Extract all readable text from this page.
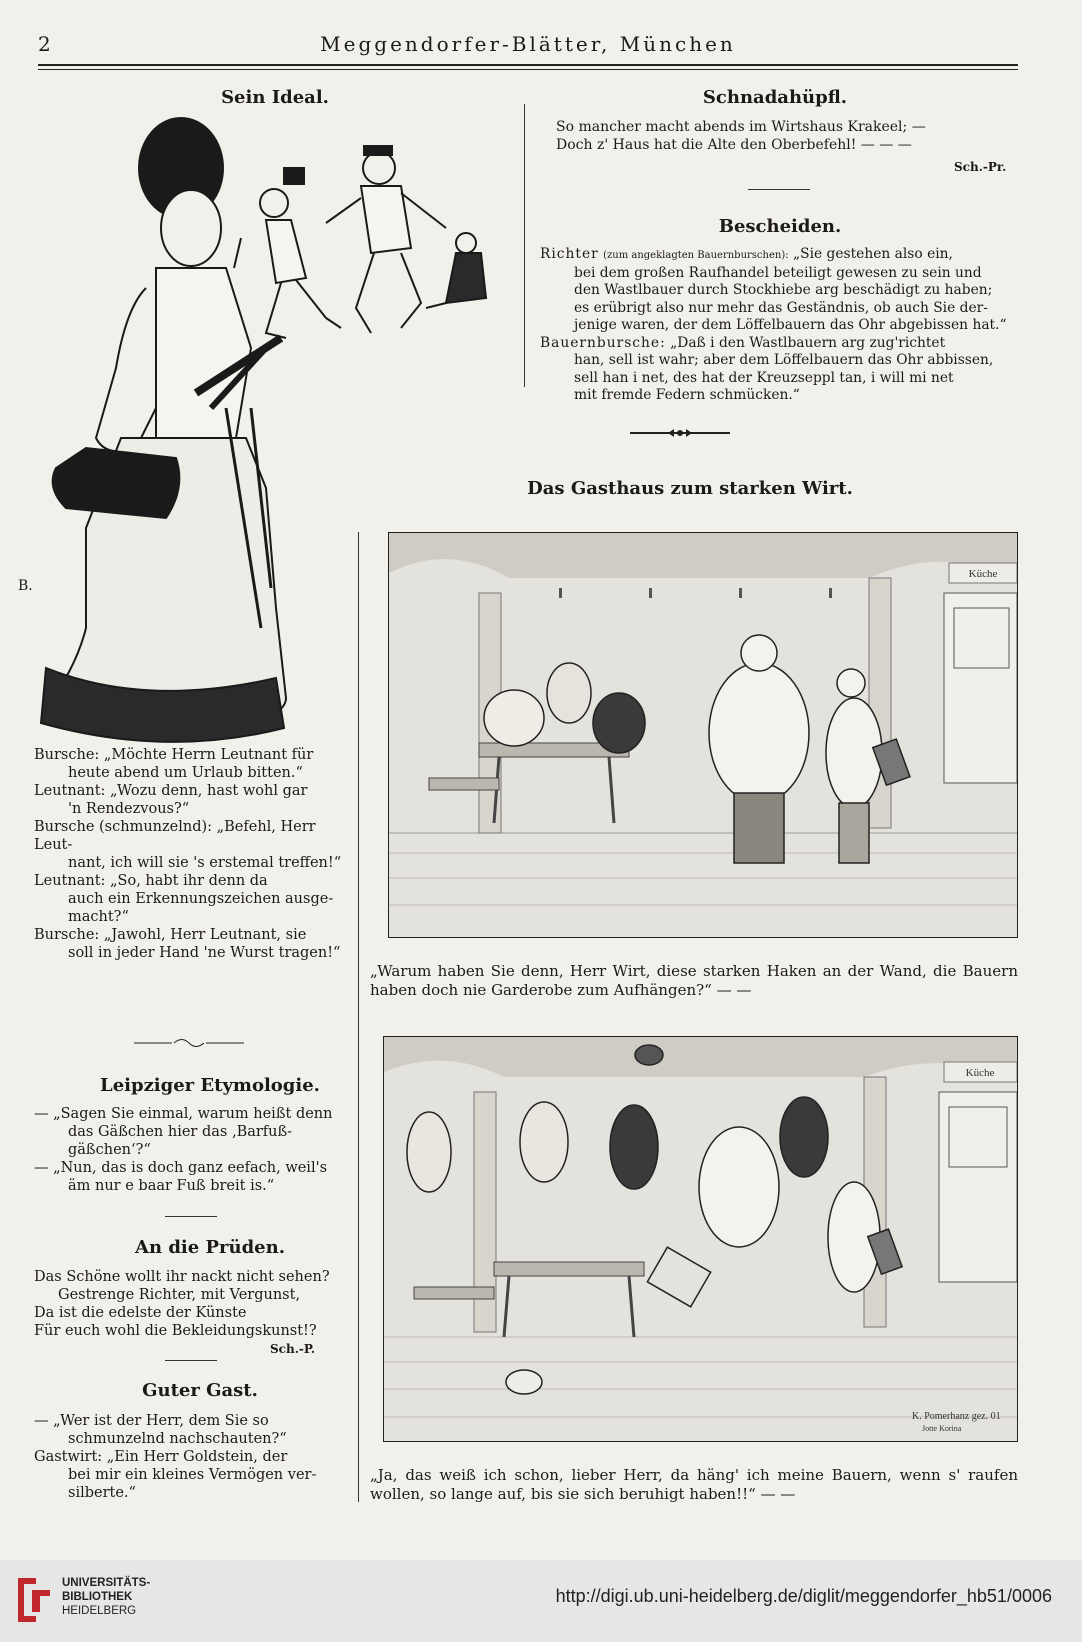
2	Meggendorfer-Blätter, München
Sein Ideal.
B.

Bursche: „Möchte Herrn Leutnant für

heute abend um Urlaub bitten.“

Leutnant: „Wozu denn, hast wohl gar

'n Rendezvous?“

Bursche (schmunzelnd): „Befehl, Herr Leut-

nant, ich will sie 's erstemal treffen!“

Leutnant: „So, habt ihr denn da

auch ein Erkennungszeichen ausge-

macht?“

Bursche: „Jawohl, Herr Leutnant, sie

soll in jeder Hand 'ne Wurst tragen!“

Leipziger Etymologie.

— „Sagen Sie einmal, warum heißt denn

das Gäßchen hier das ‚Barfuß-

gäßchen‘?“

— „Nun, das is doch ganz eefach, weil's

äm nur e baar Fuß breit is.“

An die Prüden.

Das Schöne wollt ihr nackt nicht sehen?

Gestrenge Richter, mit Vergunst,

Da ist die edelste der Künste

Für euch wohl die Bekleidungskunst!?

Sch.-P.
Guter Gast.

— „Wer ist der Herr, dem Sie so

schmunzelnd nachschauten?“

Gastwirt: „Ein Herr Goldstein, der

bei mir ein kleines Vermögen ver-

silberte.“

Schnadahüpfl.

So mancher macht abends im Wirtshaus Krakeel; —

Doch z' Haus hat die Alte den Oberbefehl! — — —

Sch.-Pr.
Bescheiden.

Richter (zum angeklagten Bauernburschen): „Sie gestehen also ein,

bei dem großen Raufhandel beteiligt gewesen zu sein und

den Wastlbauer durch Stockhiebe arg beschädigt zu haben;

es erübrigt also nur mehr das Geständnis, ob auch Sie der-

jenige waren, der dem Löffelbauern das Ohr abgebissen hat.“

Bauernbursche: „Daß i den Wastlbauern arg zug'richtet

han, sell ist wahr; aber dem Löffelbauern das Ohr abbissen,

sell han i net, des hat der Kreuzseppl tan, i will mi net

mit fremde Federn schmücken.“

Das Gasthaus zum starken Wirt.
Küche
„Warum haben Sie denn, Herr Wirt, diese starken Haken an der Wand, die Bauern haben doch nie Garderobe zum Aufhängen?“ — —
Küche
K. Pomerhanz gez. 01
Jotte Korina
„Ja, das weiß ich schon, lieber Herr, da häng' ich meine Bauern, wenn s' raufen wollen, so lange auf, bis sie sich beruhigt haben!!“ — —
UNIVERSITÄTS-
BIBLIOTHEK
HEIDELBERG
http://digi.ub.uni-heidelberg.de/diglit/meggendorfer_hb51/0006
